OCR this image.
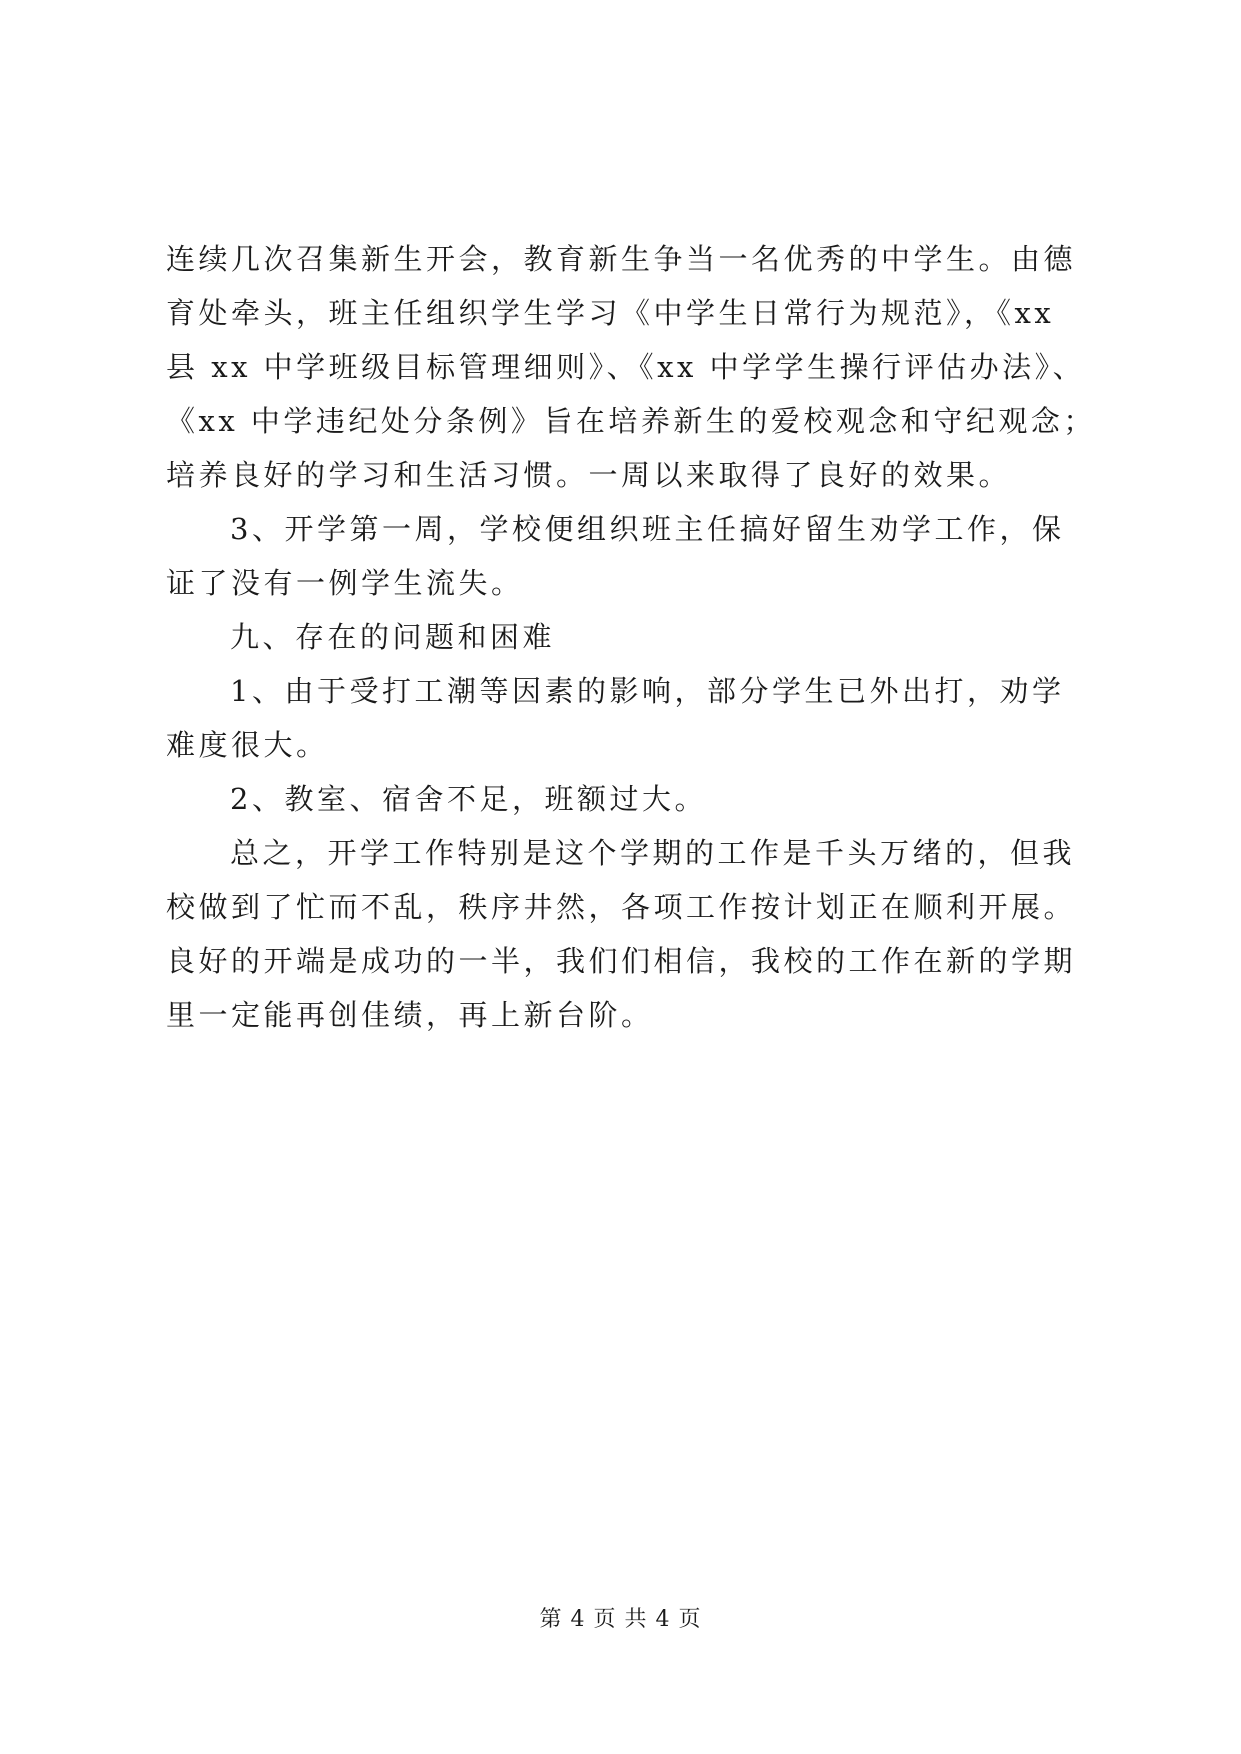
连续几次召集新生开会，教育新生争当一名优秀的中学生。由德
育处牵头，班主任组织学生学习《中学生日常行为规范》，《xx
县 xx 中学班级目标管理细则》、《xx 中学学生操行评估办法》、
《xx 中学违纪处分条例》旨在培养新生的爱校观念和守纪观念；
培养良好的学习和生活习惯。一周以来取得了良好的效果。
3、开学第一周，学校便组织班主任搞好留生劝学工作，保
证了没有一例学生流失。
九、存在的问题和困难
1、由于受打工潮等因素的影响，部分学生已外出打，劝学
难度很大。
2、教室、宿舍不足，班额过大。
总之，开学工作特别是这个学期的工作是千头万绪的，但我
校做到了忙而不乱，秩序井然，各项工作按计划正在顺利开展。
良好的开端是成功的一半，我们们相信，我校的工作在新的学期
里一定能再创佳绩，再上新台阶。
第 4 页 共 4 页
